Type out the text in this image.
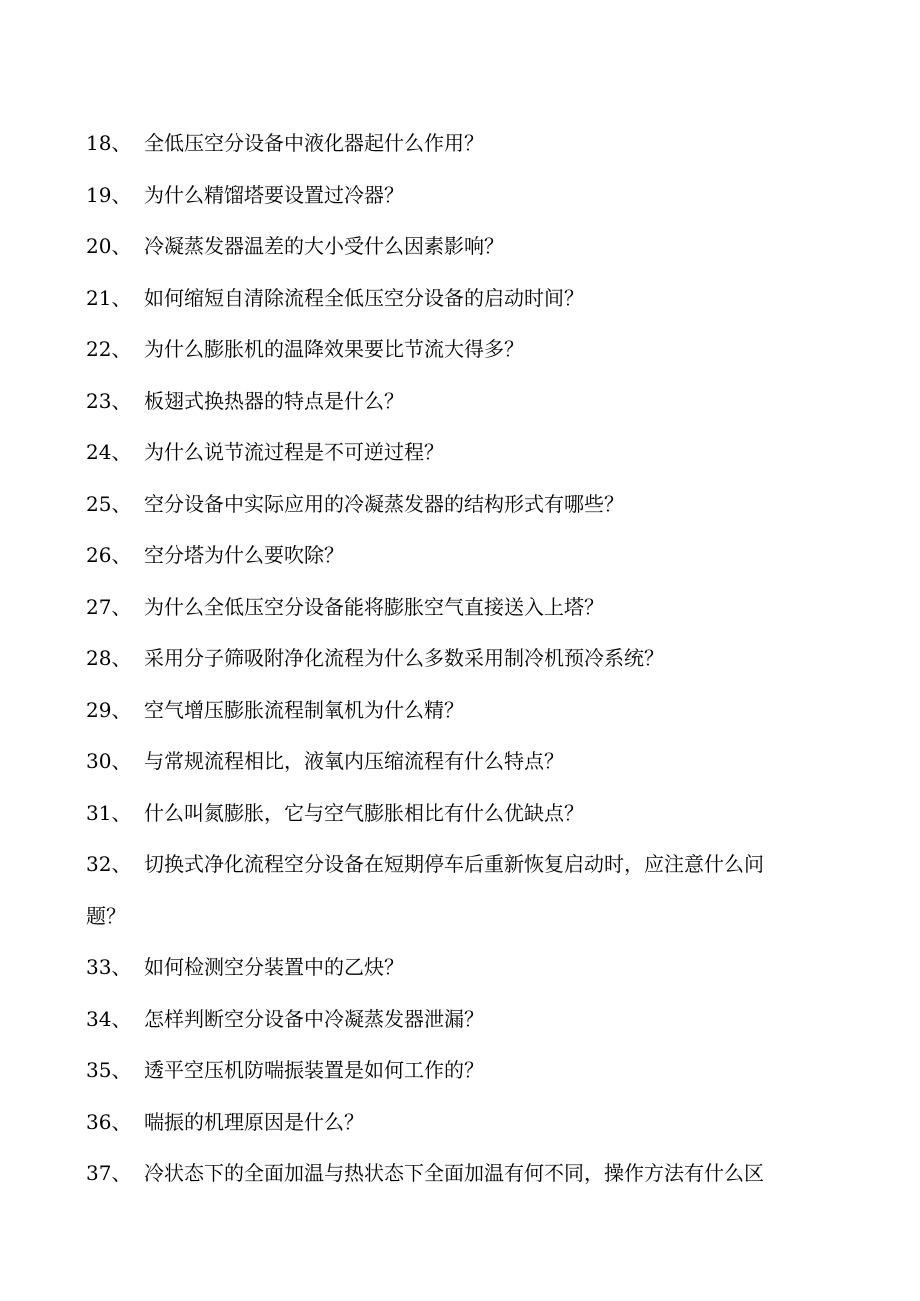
18、 全低压空分设备中液化器起什么作用？
19、 为什么精馏塔要设置过冷器？
20、 冷凝蒸发器温差的大小受什么因素影响？
21、 如何缩短自清除流程全低压空分设备的启动时间？
22、 为什么膨胀机的温降效果要比节流大得多？
23、 板翅式换热器的特点是什么？
24、 为什么说节流过程是不可逆过程？
25、 空分设备中实际应用的冷凝蒸发器的结构形式有哪些？
26、 空分塔为什么要吹除？
27、 为什么全低压空分设备能将膨胀空气直接送入上塔？
28、 采用分子筛吸附净化流程为什么多数采用制冷机预冷系统？
29、 空气增压膨胀流程制氧机为什么精？
30、 与常规流程相比，液氧内压缩流程有什么特点？
31、 什么叫氮膨胀，它与空气膨胀相比有什么优缺点？
32、 切换式净化流程空分设备在短期停车后重新恢复启动时，应注意什么问
题？
33、 如何检测空分装置中的乙炔？
34、 怎样判断空分设备中冷凝蒸发器泄漏？
35、 透平空压机防喘振装置是如何工作的？
36、 喘振的机理原因是什么？
37、 冷状态下的全面加温与热状态下全面加温有何不同，操作方法有什么区
